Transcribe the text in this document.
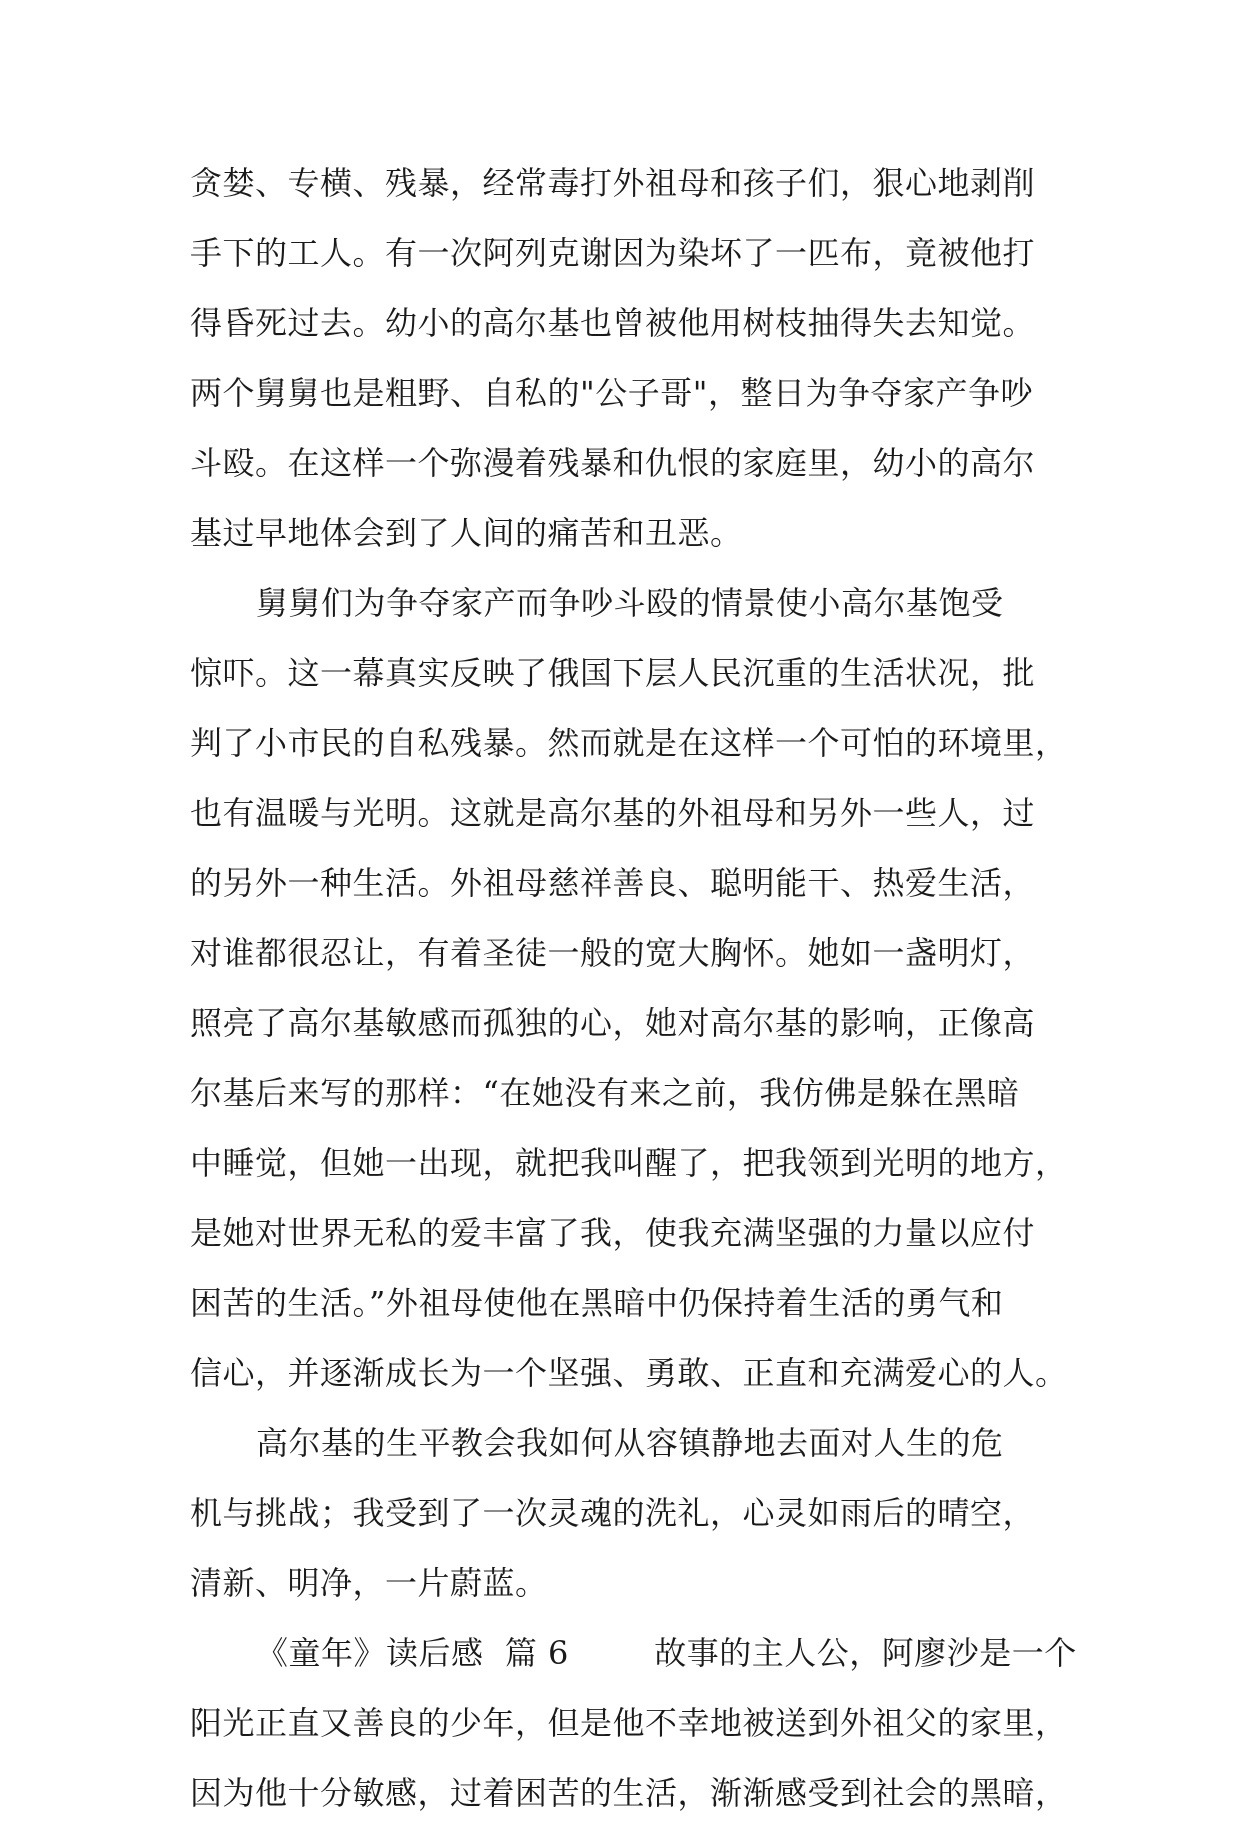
贪婪、专横、残暴，经常毒打外祖母和孩子们，狠心地剥削
手下的工人。有一次阿列克谢因为染坏了一匹布，竟被他打
得昏死过去。幼小的高尔基也曾被他用树枝抽得失去知觉。
两个舅舅也是粗野、自私的"公子哥"，整日为争夺家产争吵
斗殴。在这样一个弥漫着残暴和仇恨的家庭里，幼小的高尔
基过早地体会到了人间的痛苦和丑恶。
舅舅们为争夺家产而争吵斗殴的情景使小高尔基饱受
惊吓。这一幕真实反映了俄国下层人民沉重的生活状况，批
判了小市民的自私残暴。然而就是在这样一个可怕的环境里，
也有温暖与光明。这就是高尔基的外祖母和另外一些人，过
的另外一种生活。外祖母慈祥善良、聪明能干、热爱生活，
对谁都很忍让，有着圣徒一般的宽大胸怀。她如一盏明灯，
照亮了高尔基敏感而孤独的心，她对高尔基的影响，正像高
尔基后来写的那样：“在她没有来之前，我仿佛是躲在黑暗
中睡觉，但她一出现，就把我叫醒了，把我领到光明的地方，
是她对世界无私的爱丰富了我，使我充满坚强的力量以应付
困苦的生活。”外祖母使他在黑暗中仍保持着生活的勇气和
信心，并逐渐成长为一个坚强、勇敢、正直和充满爱心的人。
高尔基的生平教会我如何从容镇静地去面对人生的危
机与挑战；我受到了一次灵魂的洗礼，心灵如雨后的晴空，
清新、明净，一片蔚蓝。
《童年》读后感  篇 6        故事的主人公，阿廖沙是一个
阳光正直又善良的少年，但是他不幸地被送到外祖父的家里，
因为他十分敏感，过着困苦的生活，渐渐感受到社会的黑暗，
